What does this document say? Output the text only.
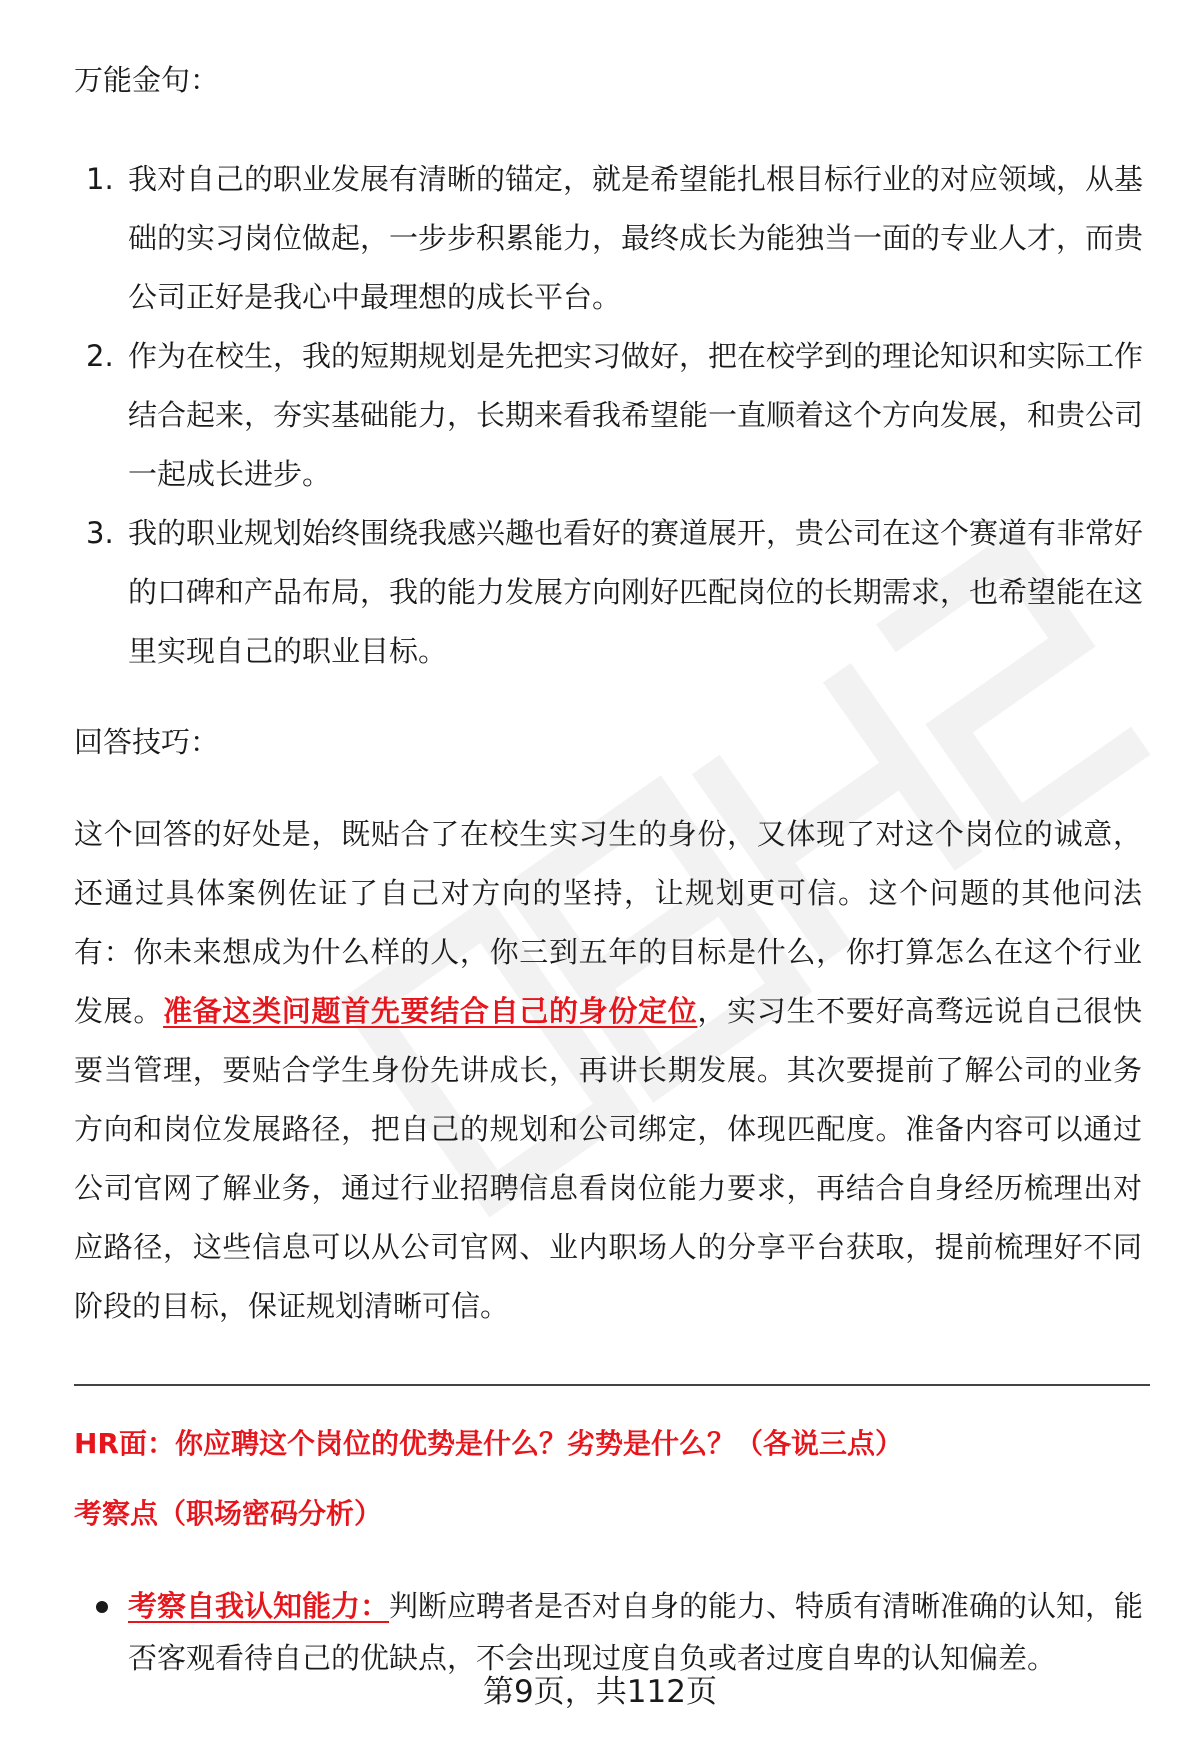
万能金句：
1. 我对自己的职业发展有清晰的锚定，就是希望能扎根目标行业的对应领域，从基础的实习岗位做起，一步步积累能力，最终成长为能独当一面的专业人才，而贵公司正好是我心中最理想的成长平台。
2. 作为在校生，我的短期规划是先把实习做好，把在校学到的理论知识和实际工作结合起来，夯实基础能力，长期来看我希望能一直顺着这个方向发展，和贵公司一起成长进步。
3. 我的职业规划始终围绕我感兴趣也看好的赛道展开，贵公司在这个赛道有非常好的口碑和产品布局，我的能力发展方向刚好匹配岗位的长期需求，也希望能在这里实现自己的职业目标。
回答技巧：
这个回答的好处是，既贴合了在校生实习生的身份，又体现了对这个岗位的诚意，还通过具体案例佐证了自己对方向的坚持，让规划更可信。这个问题的其他问法有：你未来想成为什么样的人，你三到五年的目标是什么，你打算怎么在这个行业发展。准备这类问题首先要结合自己的身份定位，实习生不要好高骛远说自己很快要当管理，要贴合学生身份先讲成长，再讲长期发展。其次要提前了解公司的业务方向和岗位发展路径，把自己的规划和公司绑定，体现匹配度。准备内容可以通过公司官网了解业务，通过行业招聘信息看岗位能力要求，再结合自身经历梳理出对应路径，这些信息可以从公司官网、业内职场人的分享平台获取，提前梳理好不同阶段的目标，保证规划清晰可信。
HR面：你应聘这个岗位的优势是什么？劣势是什么？（各说三点）
考察点（职场密码分析）
考察自我认知能力：判断应聘者是否对自身的能力、特质有清晰准确的认知，能否客观看待自己的优缺点，不会出现过度自负或者过度自卑的认知偏差。
第9页，共112页
